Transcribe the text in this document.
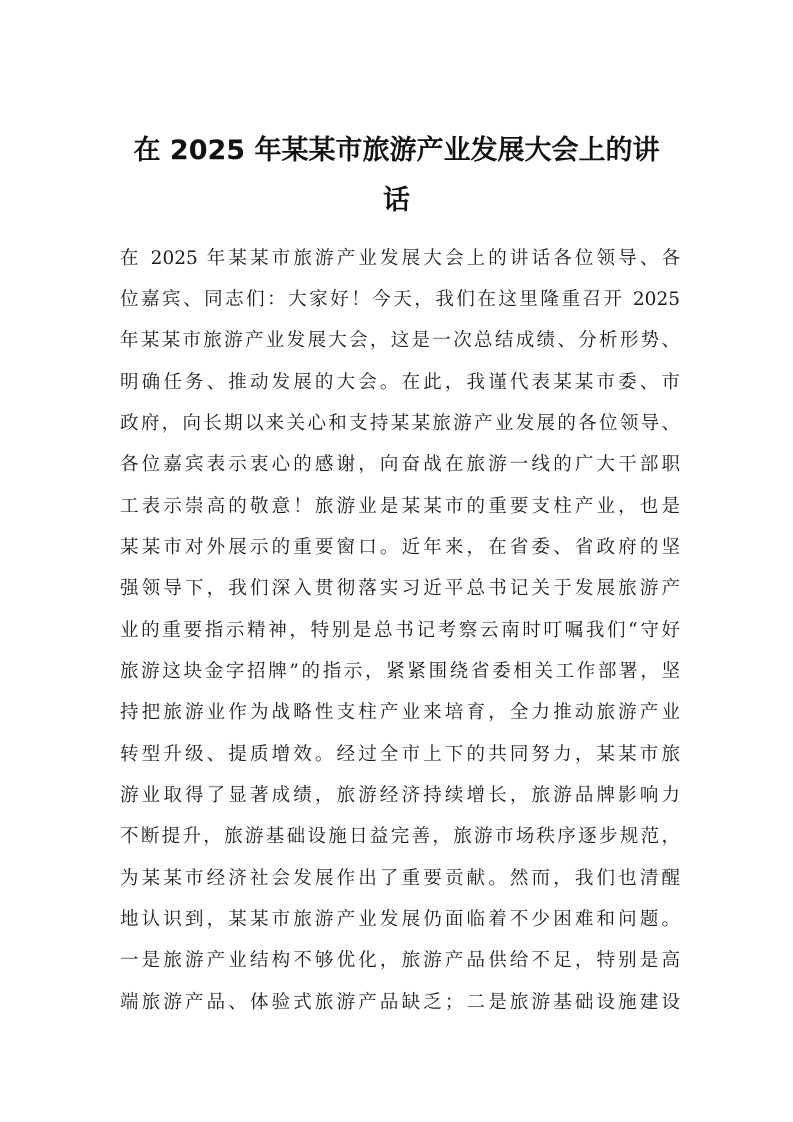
在 2025 年某某市旅游产业发展大会上的讲
话

在 2025 年某某市旅游产业发展大会上的讲话各位领导、各

位嘉宾、同志们：大家好！今天，我们在这里隆重召开 2025

年某某市旅游产业发展大会，这是一次总结成绩、分析形势、

明确任务、推动发展的大会。在此，我谨代表某某市委、市

政府，向长期以来关心和支持某某旅游产业发展的各位领导、

各位嘉宾表示衷心的感谢，向奋战在旅游一线的广大干部职

工表示崇高的敬意！旅游业是某某市的重要支柱产业，也是

某某市对外展示的重要窗口。近年来，在省委、省政府的坚

强领导下，我们深入贯彻落实习近平总书记关于发展旅游产

业的重要指示精神，特别是总书记考察云南时叮嘱我们“守好

旅游这块金字招牌”的指示，紧紧围绕省委相关工作部署，坚

持把旅游业作为战略性支柱产业来培育，全力推动旅游产业

转型升级、提质增效。经过全市上下的共同努力，某某市旅

游业取得了显著成绩，旅游经济持续增长，旅游品牌影响力

不断提升，旅游基础设施日益完善，旅游市场秩序逐步规范，

为某某市经济社会发展作出了重要贡献。然而，我们也清醒

地认识到，某某市旅游产业发展仍面临着不少困难和问题。

一是旅游产业结构不够优化，旅游产品供给不足，特别是高

端旅游产品、体验式旅游产品缺乏；二是旅游基础设施建设
